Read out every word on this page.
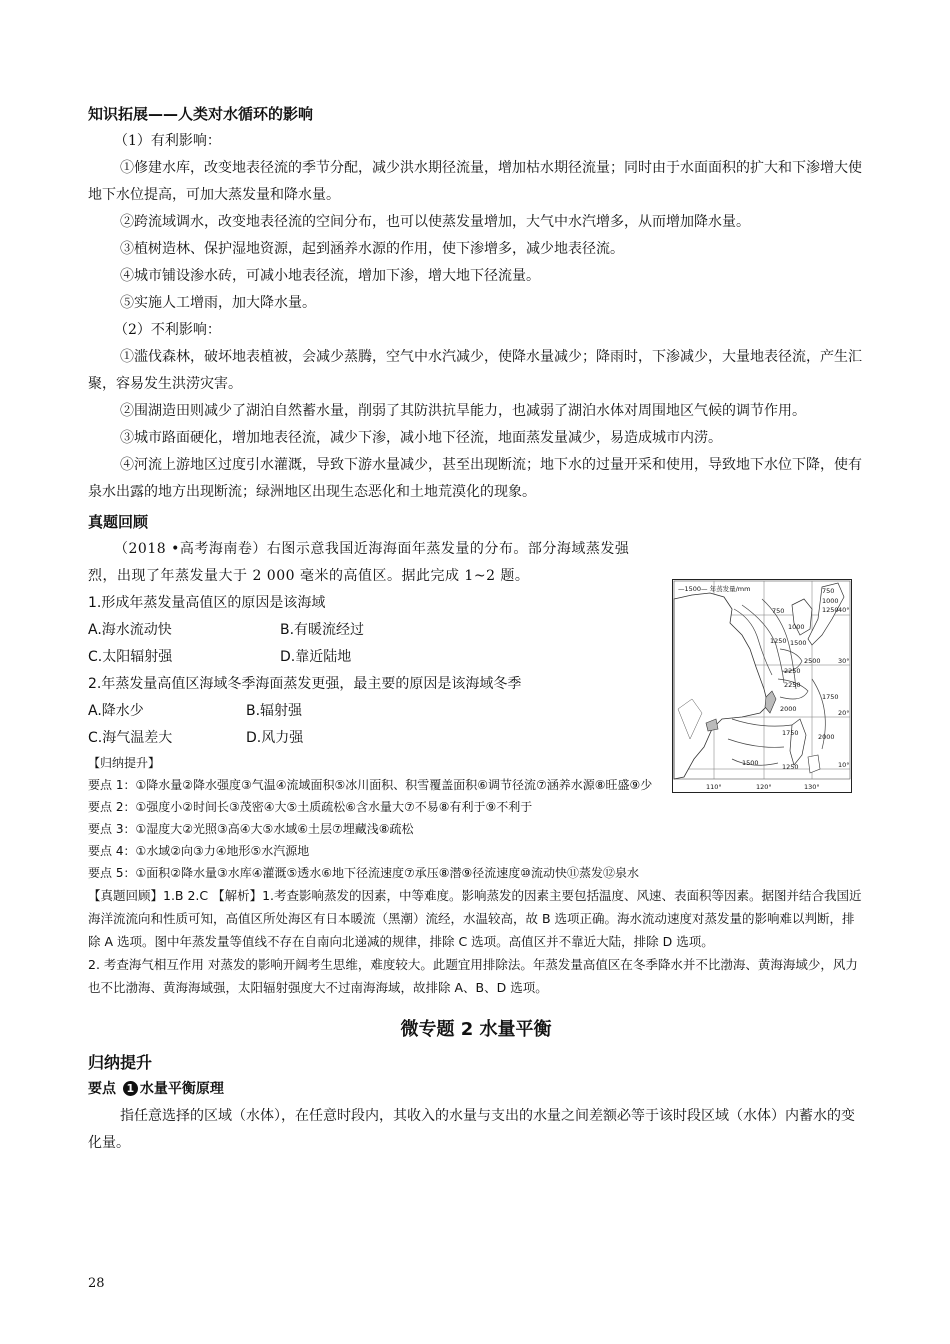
知识拓展——人类对水循环的影响

（1）有利影响：

①修建水库，改变地表径流的季节分配，减少洪水期径流量，增加枯水期径流量；同时由于水面面积的扩大和下渗增大使地下水位提高，可加大蒸发量和降水量。

②跨流域调水，改变地表径流的空间分布，也可以使蒸发量增加，大气中水汽增多，从而增加降水量。

③植树造林、保护湿地资源，起到涵养水源的作用，使下渗增多，减少地表径流。

④城市铺设渗水砖，可减小地表径流，增加下渗，增大地下径流量。

⑤实施人工增雨，加大降水量。

（2）不利影响：

①滥伐森林，破坏地表植被，会减少蒸腾，空气中水汽减少，使降水量减少；降雨时，下渗减少，大量地表径流，产生汇聚，容易发生洪涝灾害。

②围湖造田则减少了湖泊自然蓄水量，削弱了其防洪抗旱能力，也减弱了湖泊水体对周围地区气候的调节作用。

③城市路面硬化，增加地表径流，减少下渗，减小地下径流，地面蒸发量减少，易造成城市内涝。

④河流上游地区过度引水灌溉，导致下游水量减少，甚至出现断流；地下水的过量开采和使用，导致地下水位下降，使有泉水出露的地方出现断流；绿洲地区出现生态恶化和土地荒漠化的现象。

真题回顾

（2018 •高考海南卷）右图示意我国近海海面年蒸发量的分布。部分海域蒸发强烈，出现了年蒸发量大于 2 000 毫米的高值区。据此完成 1~2 题。

1.形成年蒸发量高值区的原因是该海域

A.海水流动快	B.有暖流经过
C.太阳辐射强	D.靠近陆地

2.年蒸发量高值区海域冬季海面蒸发更强，最主要的原因是该海域冬季

A.降水少	B.辐射强
C.海气温差大	D.风力强
【归纳提升】
要点 1：①降水量②降水强度③气温④流域面积⑤冰川面积、积雪覆盖面积⑥调节径流⑦涵养水源⑧旺盛⑨少
要点 2：①强度小②时间长③茂密④大⑤土质疏松⑥含水量大⑦不易⑧有利于⑨不利于
要点 3：①湿度大②光照③高④大⑤水域⑥土层⑦埋藏浅⑧疏松
要点 4：①水域②向③力④地形⑤水汽源地
要点 5：①面积②降水量③水库④灌溉⑤透水⑥地下径流速度⑦承压⑧潜⑨径流速度⑩流动快⑪蒸发⑫泉水
【真题回顾】1.B 2.C 【解析】1.考查影响蒸发的因素，中等难度。影响蒸发的因素主要包括温度、风速、表面积等因素。据图并结合我国近海洋流流向和性质可知，高值区所处海区有日本暖流（黑潮）流经，水温较高，故 B 选项正确。海水流动速度对蒸发量的影响难以判断，排除 A 选项。图中年蒸发量等值线不存在自南向北递减的规律，排除 C 选项。高值区并不靠近大陆，排除 D 选项。
2. 考查海气相互作用 对蒸发的影响开阔考生思维，难度较大。此题宜用排除法。年蒸发量高值区在冬季降水并不比渤海、黄海海域少，风力也不比渤海、黄海海域强，太阳辐射强度大不过南海海域，故排除 A、B、D 选项。
微专题 2 水量平衡
归纳提升
要点 1 水量平衡原理

指任意选择的区域（水体），在任意时段内，其收入的水量与支出的水量之间差额必等于该时段区域（水体）内蓄水的变化量。

—1500— 年蒸发量/mm	750
1000
1250
750
1000
1250 1500
2500
2250
1750
2250
2000
1750	2000
1500	1250
40°
30°
20°
10°
110°	120°	130°
28
